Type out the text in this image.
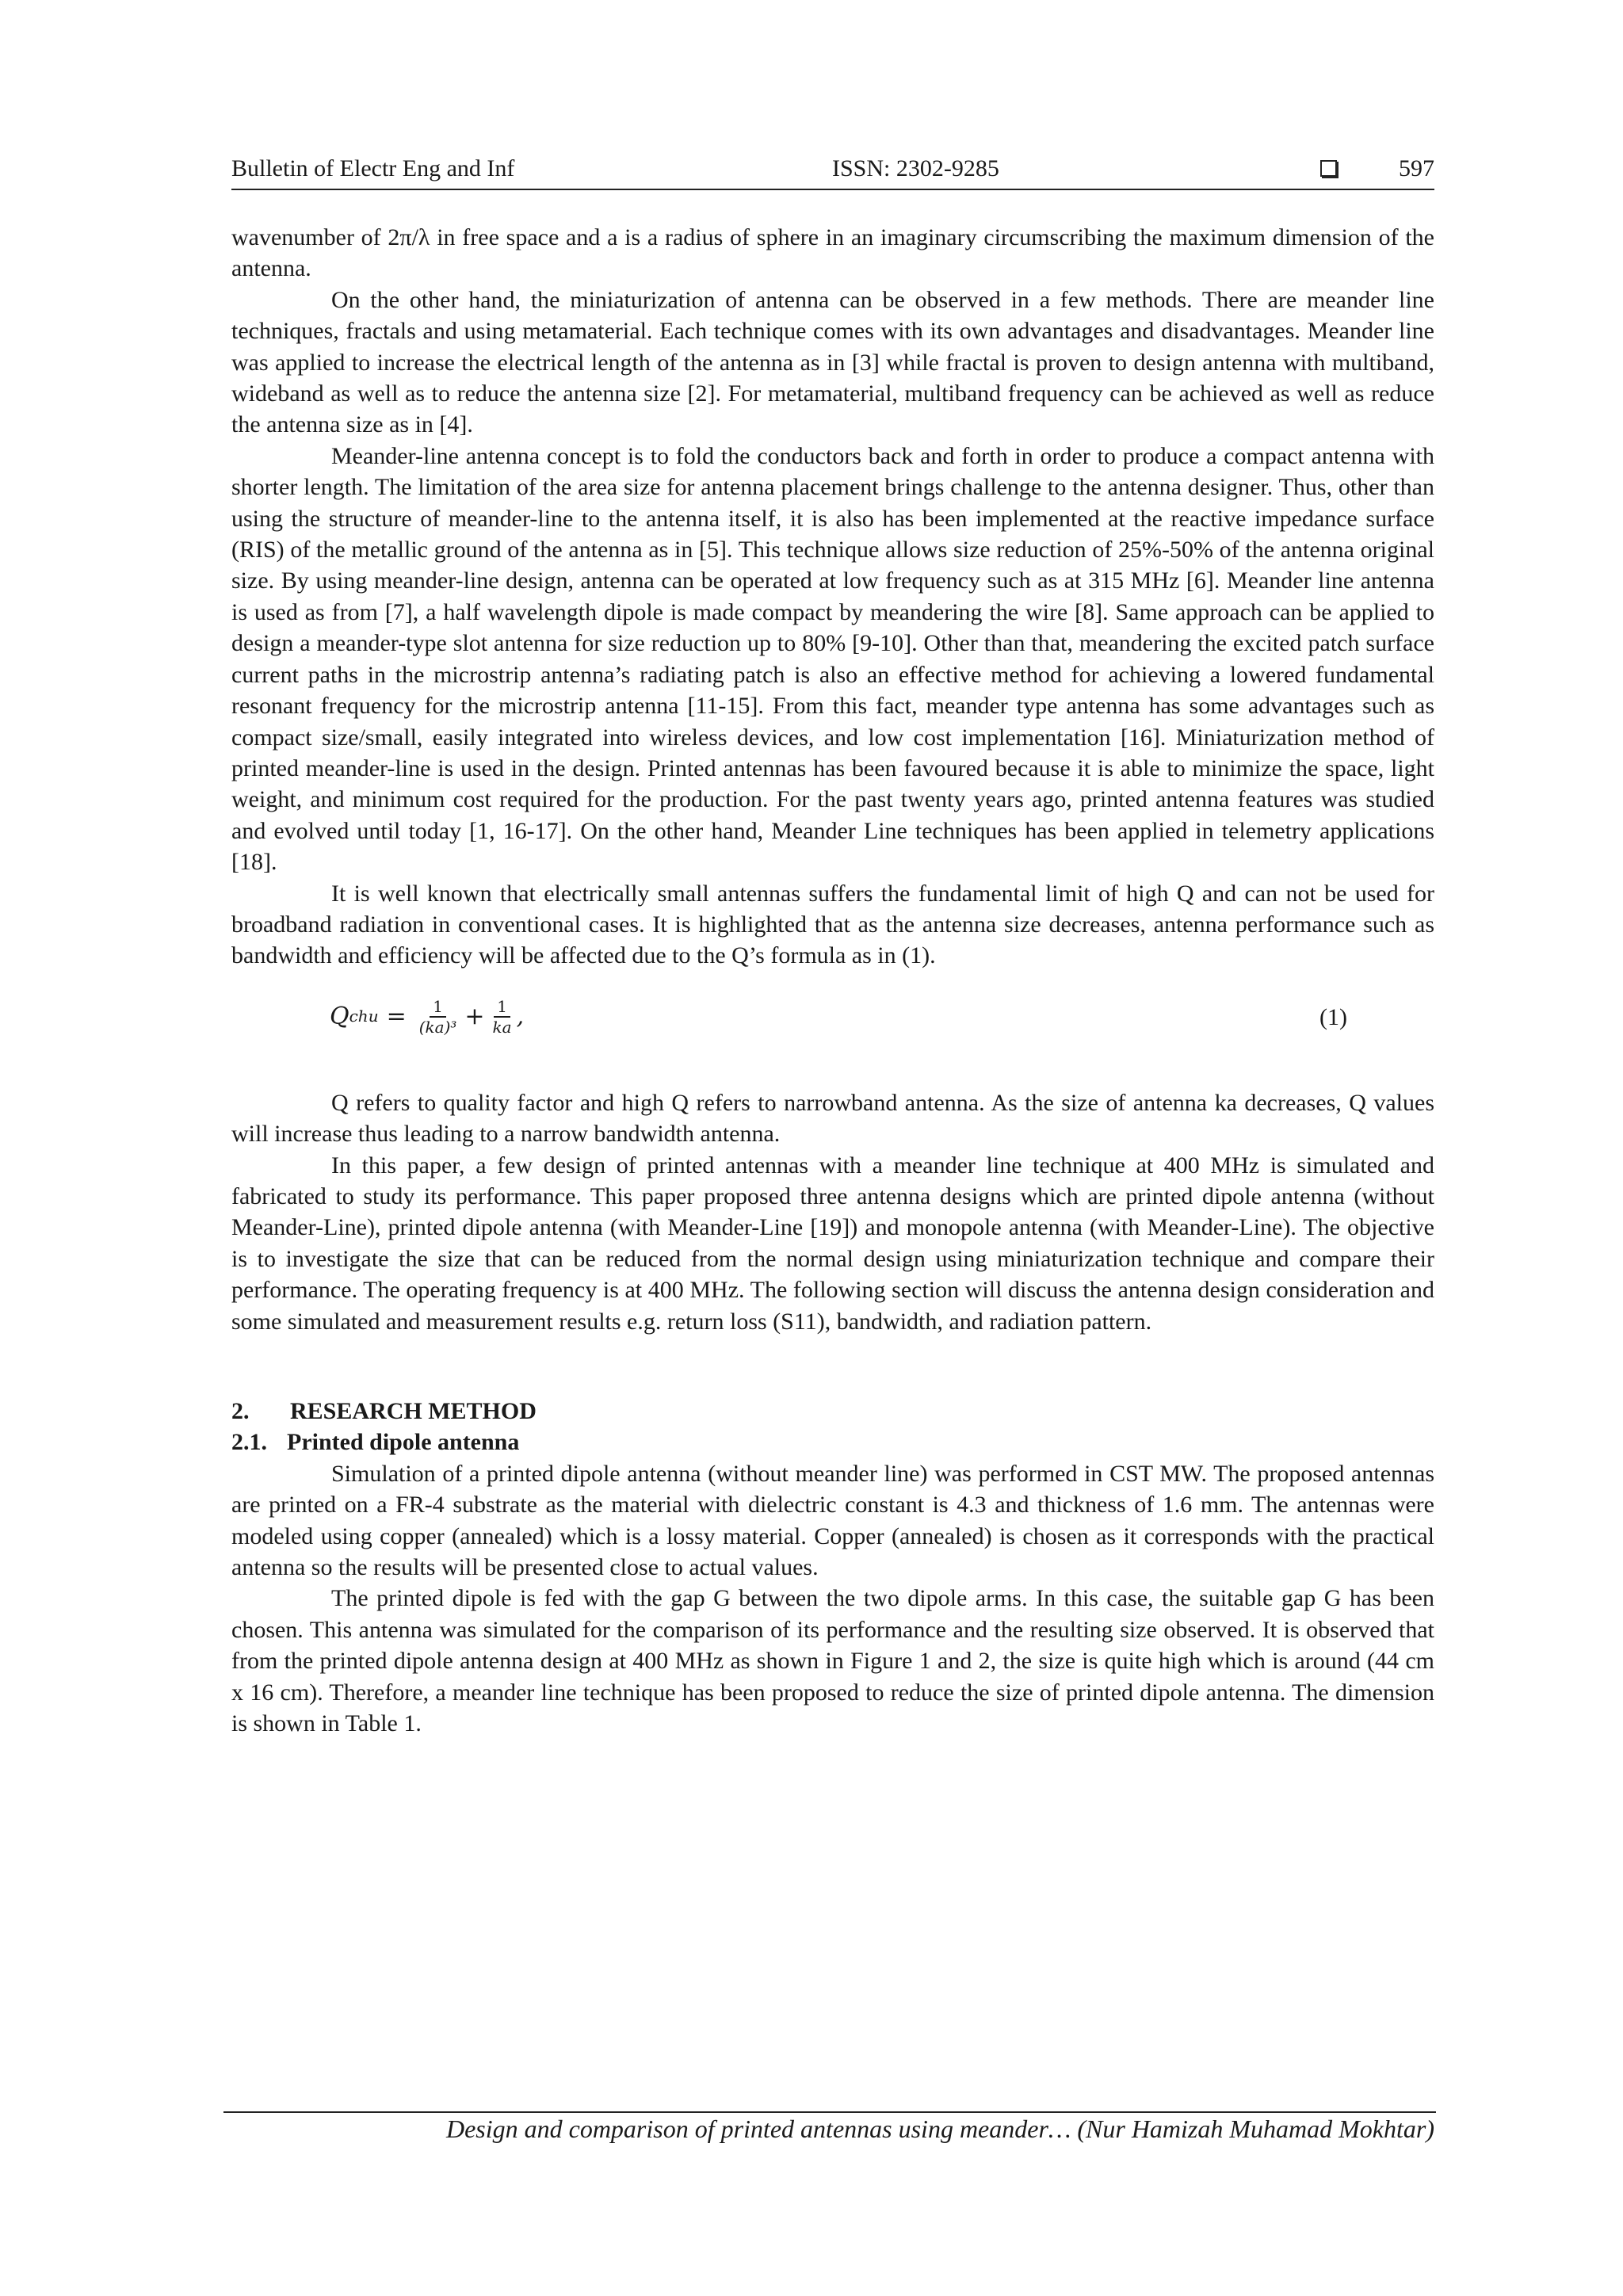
Bulletin of Electr Eng and Inf	ISSN: 2302-9285	597

wavenumber of 2π/λ in free space and a is a radius of sphere in an imaginary circumscribing the maximum dimension of the antenna.

On the other hand, the miniaturization of antenna can be observed in a few methods. There are meander line techniques, fractals and using metamaterial. Each technique comes with its own advantages and disadvantages. Meander line was applied to increase the electrical length of the antenna as in [3] while fractal is proven to design antenna with multiband, wideband as well as to reduce the antenna size [2]. For metamaterial, multiband frequency can be achieved as well as reduce the antenna size as in [4].

Meander-line antenna concept is to fold the conductors back and forth in order to produce a compact antenna with shorter length. The limitation of the area size for antenna placement brings challenge to the antenna designer. Thus, other than using the structure of meander-line to the antenna itself, it is also has been implemented at the reactive impedance surface (RIS) of the metallic ground of the antenna as in [5]. This technique allows size reduction of 25%-50% of the antenna original size. By using meander-line design, antenna can be operated at low frequency such as at 315 MHz [6]. Meander line antenna is used as from [7], a half wavelength dipole is made compact by meandering the wire [8]. Same approach can be applied to design a meander-type slot antenna for size reduction up to 80% [9-10]. Other than that, meandering the excited patch surface current paths in the microstrip antenna’s radiating patch is also an effective method for achieving a lowered fundamental resonant frequency for the microstrip antenna [11-15]. From this fact, meander type antenna has some advantages such as compact size/small, easily integrated into wireless devices, and low cost implementation [16]. Miniaturization method of printed meander-line is used in the design. Printed antennas has been favoured because it is able to minimize the space, light weight, and minimum cost required for the production. For the past twenty years ago, printed antenna features was studied and evolved until today [1, 16-17]. On the other hand, Meander Line techniques has been applied in telemetry applications [18].

It is well known that electrically small antennas suffers the fundamental limit of high Q and can not be used for broadband radiation in conventional cases. It is highlighted that as the antenna size decreases, antenna performance such as bandwidth and efficiency will be affected due to the Q’s formula as in (1).

Q chu = $\frac{1}{\text{(ka)³}} + \frac{1}{ka}$ ,	(1)

Q refers to quality factor and high Q refers to narrowband antenna. As the size of antenna ka decreases, Q values will increase thus leading to a narrow bandwidth antenna.

In this paper, a few design of printed antennas with a meander line technique at 400 MHz is simulated and fabricated to study its performance. This paper proposed three antenna designs which are printed dipole antenna (without Meander-Line), printed dipole antenna (with Meander-Line [19]) and monopole antenna (with Meander-Line). The objective is to investigate the size that can be reduced from the normal design using miniaturization technique and compare their performance. The operating frequency is at 400 MHz. The following section will discuss the antenna design consideration and some simulated and measurement results e.g. return loss (S11), bandwidth, and radiation pattern.

2. RESEARCH METHOD
2.1. Printed dipole antenna

Simulation of a printed dipole antenna (without meander line) was performed in CST MW. The proposed antennas are printed on a FR-4 substrate as the material with dielectric constant is 4.3 and thickness of 1.6 mm. The antennas were modeled using copper (annealed) which is a lossy material. Copper (annealed) is chosen as it corresponds with the practical antenna so the results will be presented close to actual values.

The printed dipole is fed with the gap G between the two dipole arms. In this case, the suitable gap G has been chosen. This antenna was simulated for the comparison of its performance and the resulting size observed. It is observed that from the printed dipole antenna design at 400 MHz as shown in Figure 1 and 2, the size is quite high which is around (44 cm x 16 cm). Therefore, a meander line technique has been proposed to reduce the size of printed dipole antenna. The dimension is shown in Table 1.

Design and comparison of printed antennas using meander… (Nur Hamizah Muhamad Mokhtar)
